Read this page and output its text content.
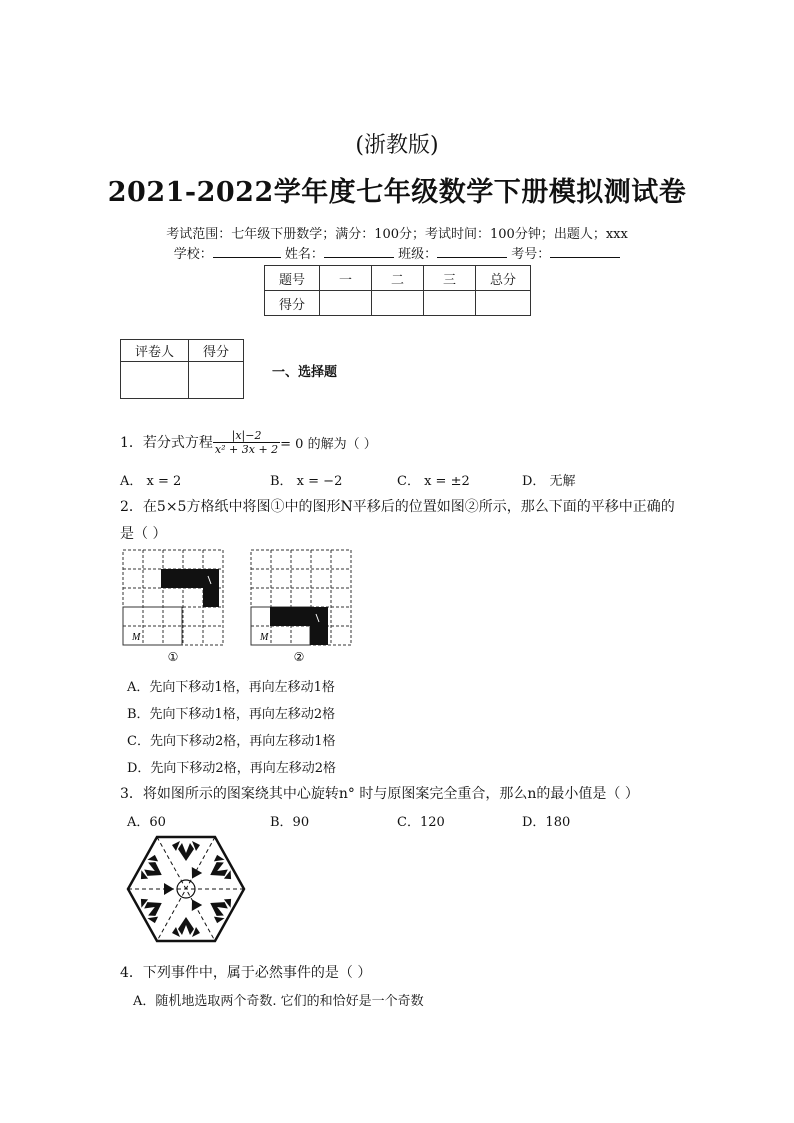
(浙教版)
2021-2022学年度七年级数学下册模拟测试卷
考试范围：七年级下册数学；满分：100分；考试时间：100分钟；出题人；xxx
学校：	姓名：	班级：	考号：
题号	一	二	三	总分
得分				
评卷人	得分

一、选择题
1．若分式方程 $\frac{|x|-2}{\text{x² + 3x + 2}} = 0$ 的解为（ ）
A． x = 2	B． x = −2	C． x = ±2	D． 无解
2．在5×5方格纸中将图①中的图形N平移后的位置如图②所示，那么下面的平移中正确的
是（ ）
M
①
M
②
A．先向下移动1格，再向左移动1格
B．先向下移动1格，再向左移动2格
C．先向下移动2格，再向左移动1格
D．先向下移动2格，再向左移动2格
3．将如图所示的图案绕其中心旋转n° 时与原图案完全重合，那么n的最小值是（ ）
A．60	B．90	C．120	D．180
4．下列事件中，属于必然事件的是（ ）
A．随机地选取两个奇数. 它们的和恰好是一个奇数
